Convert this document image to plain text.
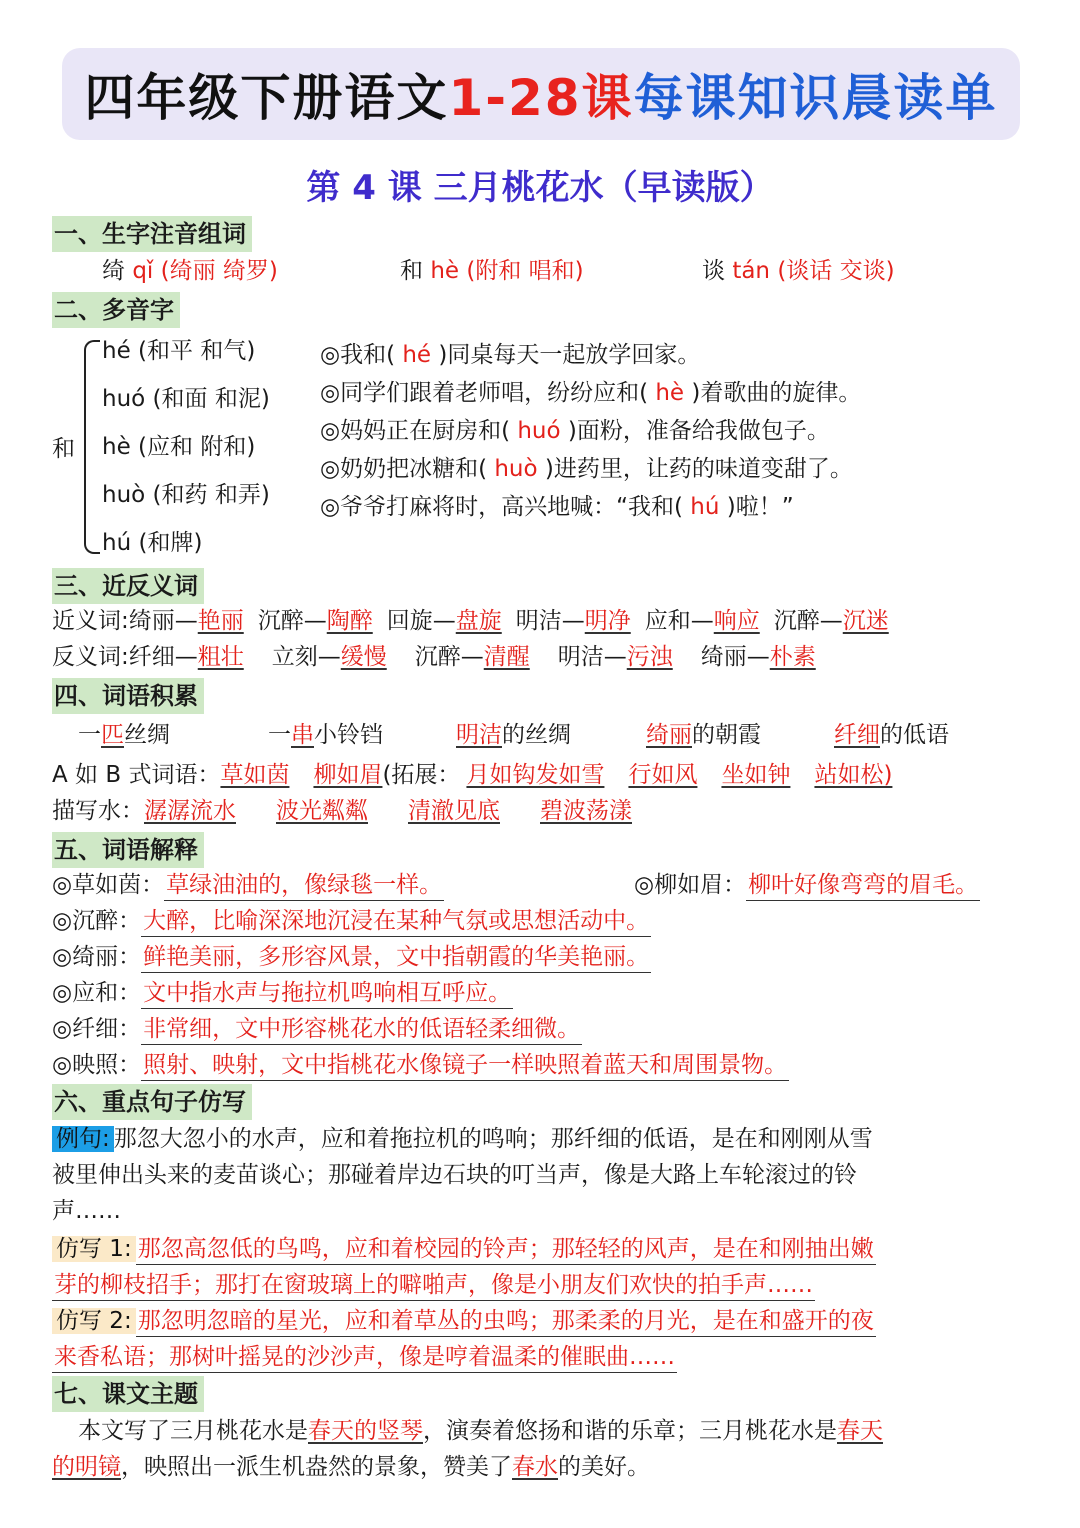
四年级下册语文 1-28课 每课知识晨读单
第 4 课 三月桃花水（早读版）
一、生字注音组词
绮 qǐ (绮丽 绮罗)	和 hè (附和 唱和)	谈 tán (谈话 交谈)
二、多音字
和
hé (和平 和气)
huó (和面 和泥)
hè (应和 附和)
huò (和药 和弄)
hú (和牌)
◎我和( hé )同桌每天一起放学回家。
◎同学们跟着老师唱，纷纷应和( hè )着歌曲的旋律。
◎妈妈正在厨房和( huó )面粉，准备给我做包子。
◎奶奶把冰糖和( huò )进药里，让药的味道变甜了。
◎爷爷打麻将时，高兴地喊：“我和( hú )啦！”
三、近反义词
近义词:绮丽—艳丽 沉醉—陶醉 回旋—盘旋 明洁—明净 应和—响应 沉醉—沉迷
反义词:纤细—粗壮 立刻—缓慢 沉醉—清醒 明洁—污浊 绮丽—朴素
四、词语积累
一匹丝绸	一串小铃铛	明洁的丝绸	绮丽的朝霞	纤细的低语
A 如 B 式词语：草如茵 柳如眉(拓展： 月如钩发如雪 行如风 坐如钟 站如松)
描写水：潺潺流水 波光粼粼 清澈见底 碧波荡漾
五、词语解释
◎草如茵：草绿油油的，像绿毯一样。	◎柳如眉：柳叶好像弯弯的眉毛。
◎沉醉：大醉，比喻深深地沉浸在某种气氛或思想活动中。
◎绮丽：鲜艳美丽，多形容风景，文中指朝霞的华美艳丽。
◎应和：文中指水声与拖拉机鸣响相互呼应。
◎纤细：非常细，文中形容桃花水的低语轻柔细微。
◎映照：照射、映射，文中指桃花水像镜子一样映照着蓝天和周围景物。
六、重点句子仿写
例句: 那忽大忽小的水声，应和着拖拉机的鸣响；那纤细的低语，是在和刚刚从雪
被里伸出头来的麦苗谈心；那碰着岸边石块的叮当声，像是大路上车轮滚过的铃
声……
仿写 1: 那忽高忽低的鸟鸣，应和着校园的铃声；那轻轻的风声，是在和刚抽出嫩
芽的柳枝招手；那打在窗玻璃上的噼啪声，像是小朋友们欢快的拍手声……
仿写 2: 那忽明忽暗的星光，应和着草丛的虫鸣；那柔柔的月光，是在和盛开的夜
来香私语；那树叶摇晃的沙沙声，像是哼着温柔的催眠曲……
七、课文主题
本文写了三月桃花水是春天的竖琴，演奏着悠扬和谐的乐章；三月桃花水是春天
的明镜，映照出一派生机盎然的景象，赞美了春水的美好。
